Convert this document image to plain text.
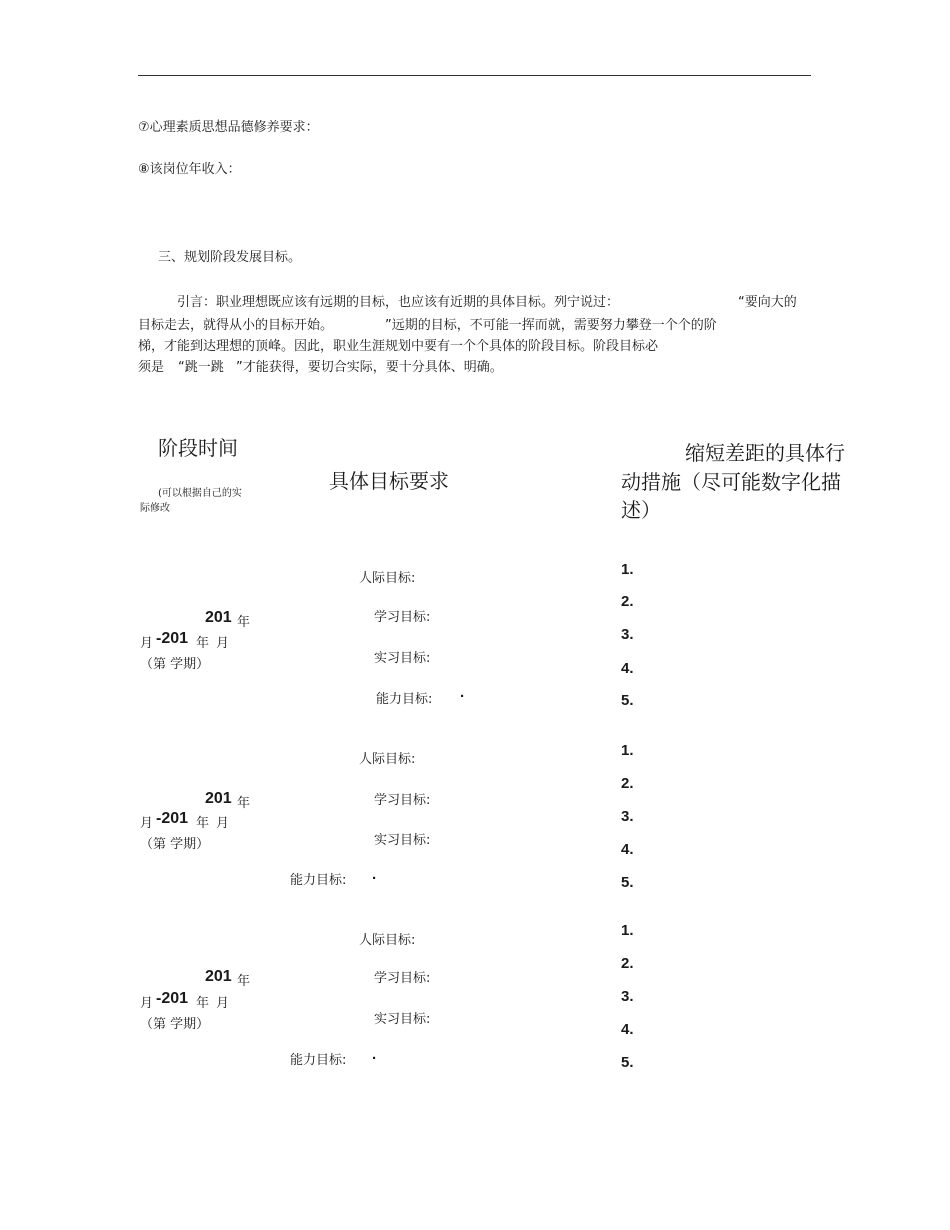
⑦心理素质思想品德修养要求：
⑧该岗位年收入：
三、规划阶段发展目标。
引言：职业理想既应该有远期的目标，也应该有近期的具体目标。列宁说过：	“要向大的
目标走去，就得从小的目标开始。	”远期的目标，不可能一挥而就，需要努力攀登一个个的阶
梯，才能到达理想的顶峰。因此，职业生涯规划中要有一个个具体的阶段目标。阶段目标必
须是 “跳一跳 ”才能获得，要切合实际，要十分具体、明确。
阶段时间
(可以根据自己的实
际修改
具体目标要求
缩短差距的具体行
动措施（尽可能数字化描
述）
201 年
月 -201 年 月
（第 学期）
人际目标:
学习目标:
实习目标:
能力目标: .
1.
2.
3.
4.
5.
201 年
月 -201 年 月
（第 学期）
人际目标:
学习目标:
实习目标:
能力目标: .
1.
2.
3.
4.
5.
201 年
月 -201 年 月
（第 学期）
人际目标:
学习目标:
实习目标:
能力目标: .
1.
2.
3.
4.
5.
